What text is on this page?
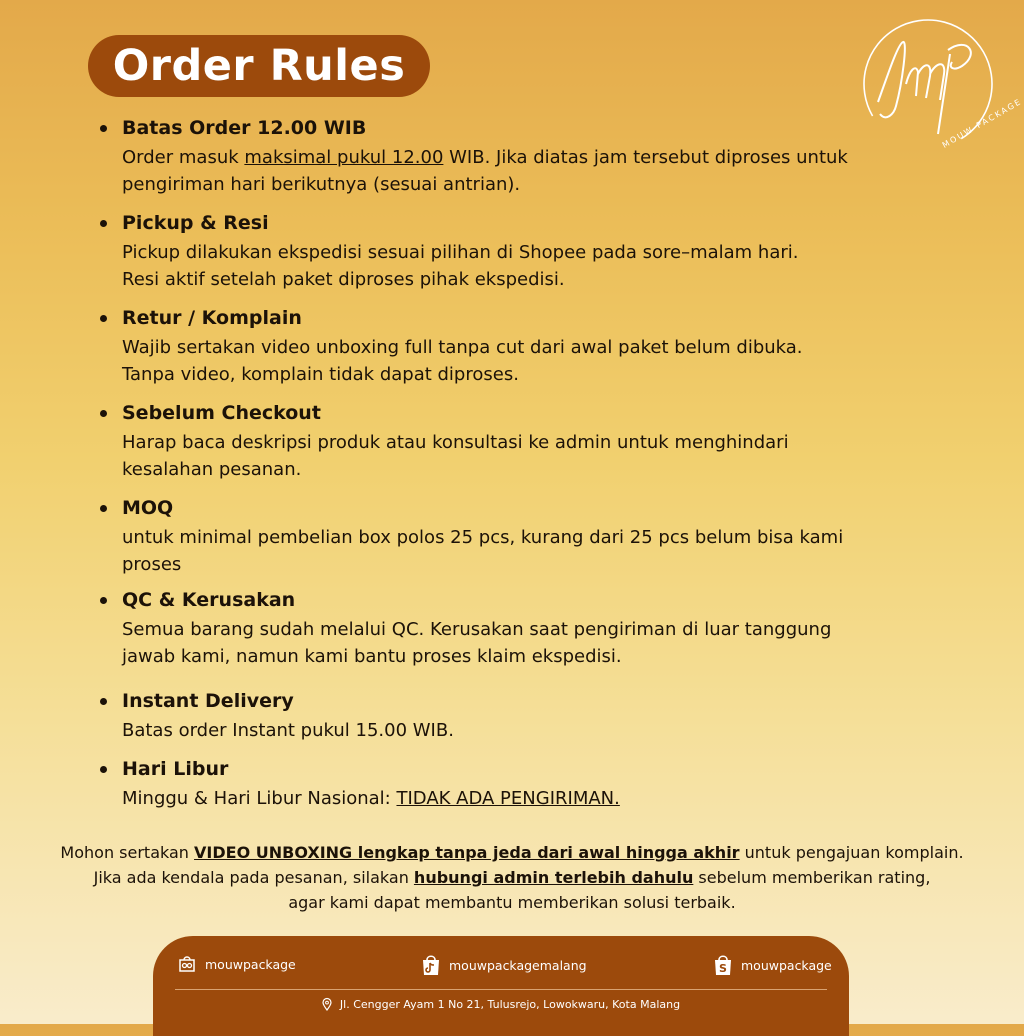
Order Rules
MOUW PACKAGE
Batas Order 12.00 WIB
Order masuk maksimal pukul 12.00 WIB. Jika diatas jam tersebut diproses untuk pengiriman hari berikutnya (sesuai antrian).
Pickup & Resi
Pickup dilakukan ekspedisi sesuai pilihan di Shopee pada sore–malam hari.
Resi aktif setelah paket diproses pihak ekspedisi.
Retur / Komplain
Wajib sertakan video unboxing full tanpa cut dari awal paket belum dibuka.
Tanpa video, komplain tidak dapat diproses.
Sebelum Checkout
Harap baca deskripsi produk atau konsultasi ke admin untuk menghindari
kesalahan pesanan.
MOQ
untuk minimal pembelian box polos 25 pcs, kurang dari 25 pcs belum bisa kami
proses
QC & Kerusakan
Semua barang sudah melalui QC. Kerusakan saat pengiriman di luar tanggung
jawab kami, namun kami bantu proses klaim ekspedisi.
Instant Delivery
Batas order Instant pukul 15.00 WIB.
Hari Libur
Minggu & Hari Libur Nasional: TIDAK ADA PENGIRIMAN.
Mohon sertakan VIDEO UNBOXING lengkap tanpa jeda dari awal hingga akhir untuk pengajuan komplain.
Jika ada kendala pada pesanan, silakan hubungi admin terlebih dahulu sebelum memberikan rating,
agar kami dapat membantu memberikan solusi terbaik.
mouwpackage	mouwpackagemalang	S mouwpackage
Jl. Cengger Ayam 1 No 21, Tulusrejo, Lowokwaru, Kota Malang
